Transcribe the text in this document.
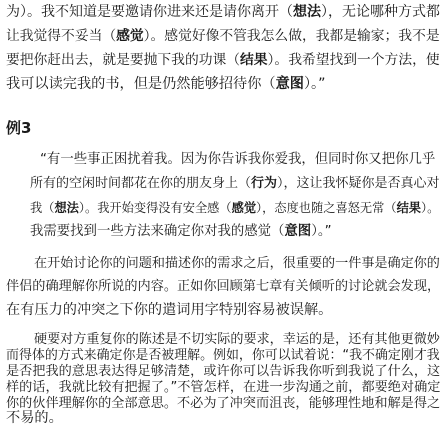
为）。我不知道是要邀请你进来还是请你离开（想法），无论哪种方式都
让我觉得不妥当（感觉）。感觉好像不管我怎么做，我都是输家；我不是
要把你赶出去，就是要抛下我的功课（结果）。我希望找到一个方法，使
我可以读完我的书，但是仍然能够招待你（意图）。”
例3
“有一些事正困扰着我。因为你告诉我你爱我，但同时你又把你几乎
所有的空闲时间都花在你的朋友身上（行为），这让我怀疑你是否真心对
我（想法）。我开始变得没有安全感（感觉），态度也随之喜怒无常（结果）。
我需要找到一些方法来确定你对我的感觉（意图）。”
在开始讨论你的问题和描述你的需求之后，很重要的一件事是确定你的
伴侣的确理解你所说的内容。正如你回顾第七章有关倾听的讨论就会发现，
在有压力的冲突之下你的遣词用字特别容易被误解。
硬要对方重复你的陈述是不切实际的要求，幸运的是，还有其他更微妙
而得体的方式来确定你是否被理解。例如，你可以试着说：“我不确定刚才我
是否把我的意思表达得足够清楚，或许你可以告诉我你听到我说了什么，这
样的话，我就比较有把握了。”不管怎样，在进一步沟通之前，都要绝对确定
你的伙伴理解你的全部意思。不必为了冲突而沮丧，能够理性地和解是得之
不易的。
